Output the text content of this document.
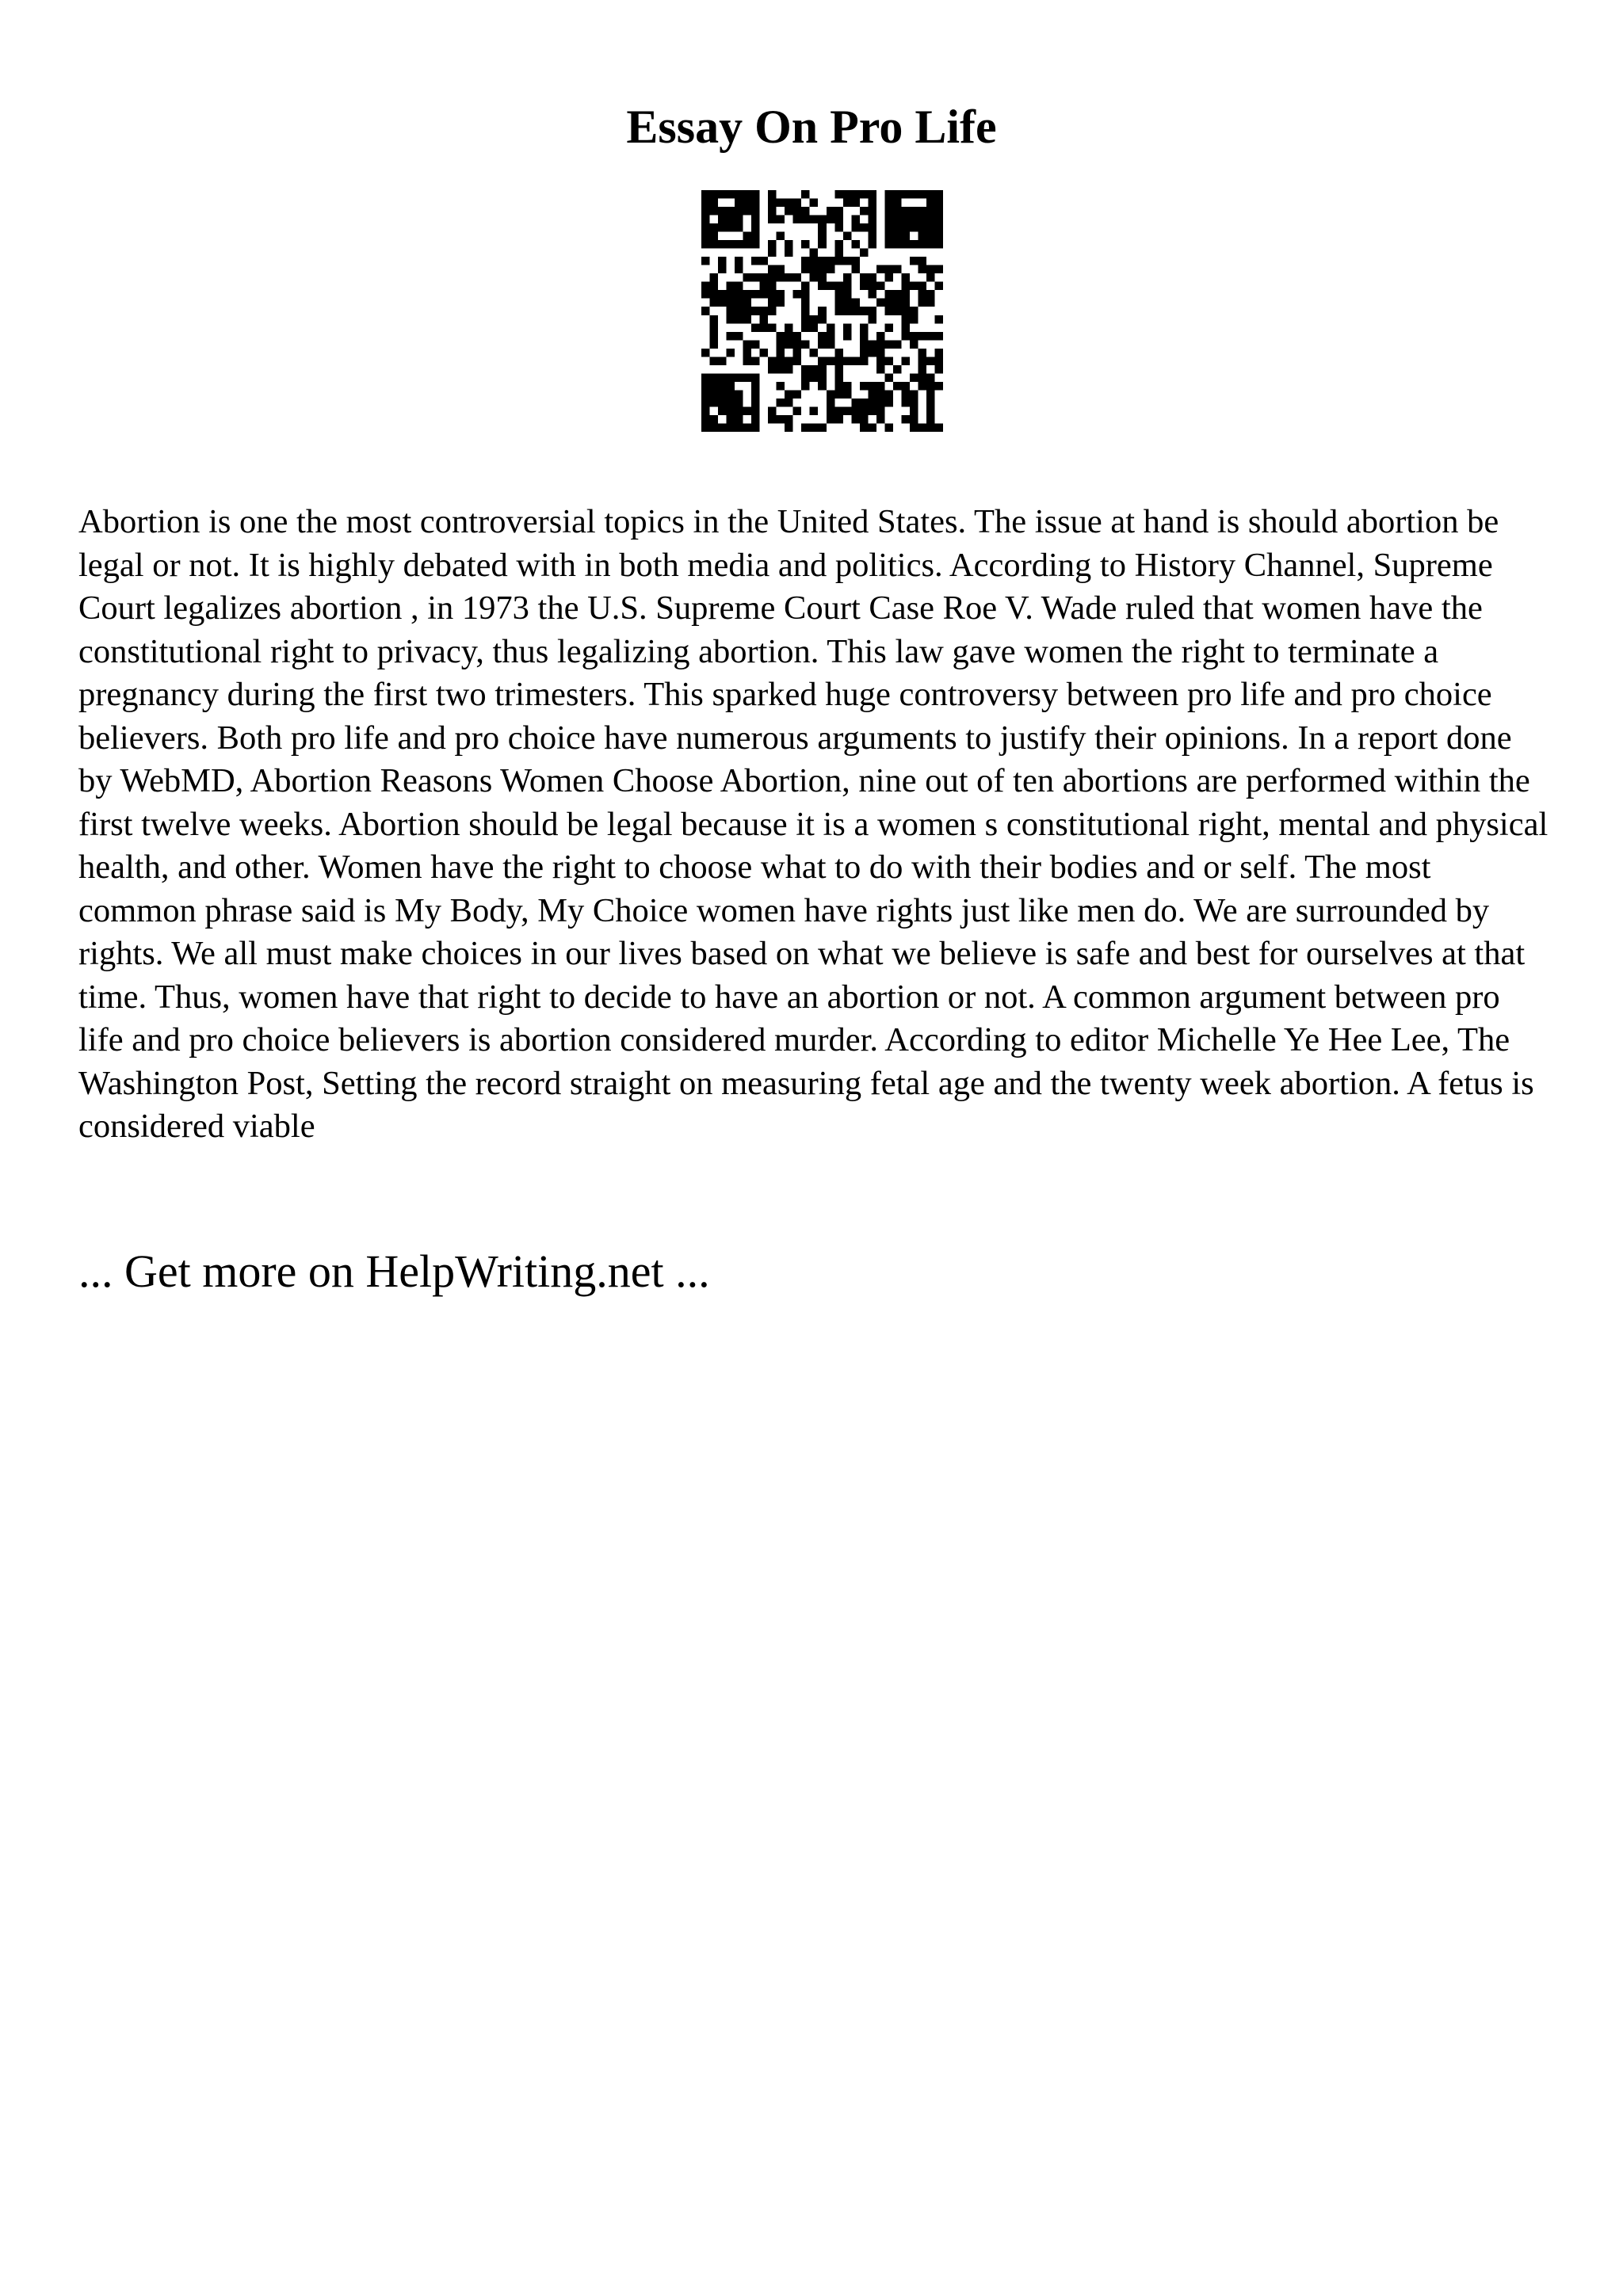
Essay On Pro Life

Abortion is one the most controversial topics in the United States. The issue at hand is should abortion be legal or not. It is highly debated with in both media and politics. According to History Channel, Supreme Court legalizes abortion , in 1973 the U.S. Supreme Court Case Roe V. Wade ruled that women have the constitutional right to privacy, thus legalizing abortion. This law gave women the right to terminate a pregnancy during the first two trimesters. This sparked huge controversy between pro life and pro choice believers. Both pro life and pro choice have numerous arguments to justify their opinions. In a report done by WebMD, Abortion Reasons Women Choose Abortion, nine out of ten abortions are performed within the first twelve weeks. Abortion should be legal because it is a women s constitutional right, mental and physical health, and other. Women have the right to choose what to do with their bodies and or self. The most common phrase said is My Body, My Choice women have rights just like men do. We are surrounded by rights. We all must make choices in our lives based on what we believe is safe and best for ourselves at that time. Thus, women have that right to decide to have an abortion or not. A common argument between pro life and pro choice believers is abortion considered murder. According to editor Michelle Ye Hee Lee, The Washington Post, Setting the record straight on measuring fetal age and the twenty week abortion. A fetus is considered viable

... Get more on HelpWriting.net ...
